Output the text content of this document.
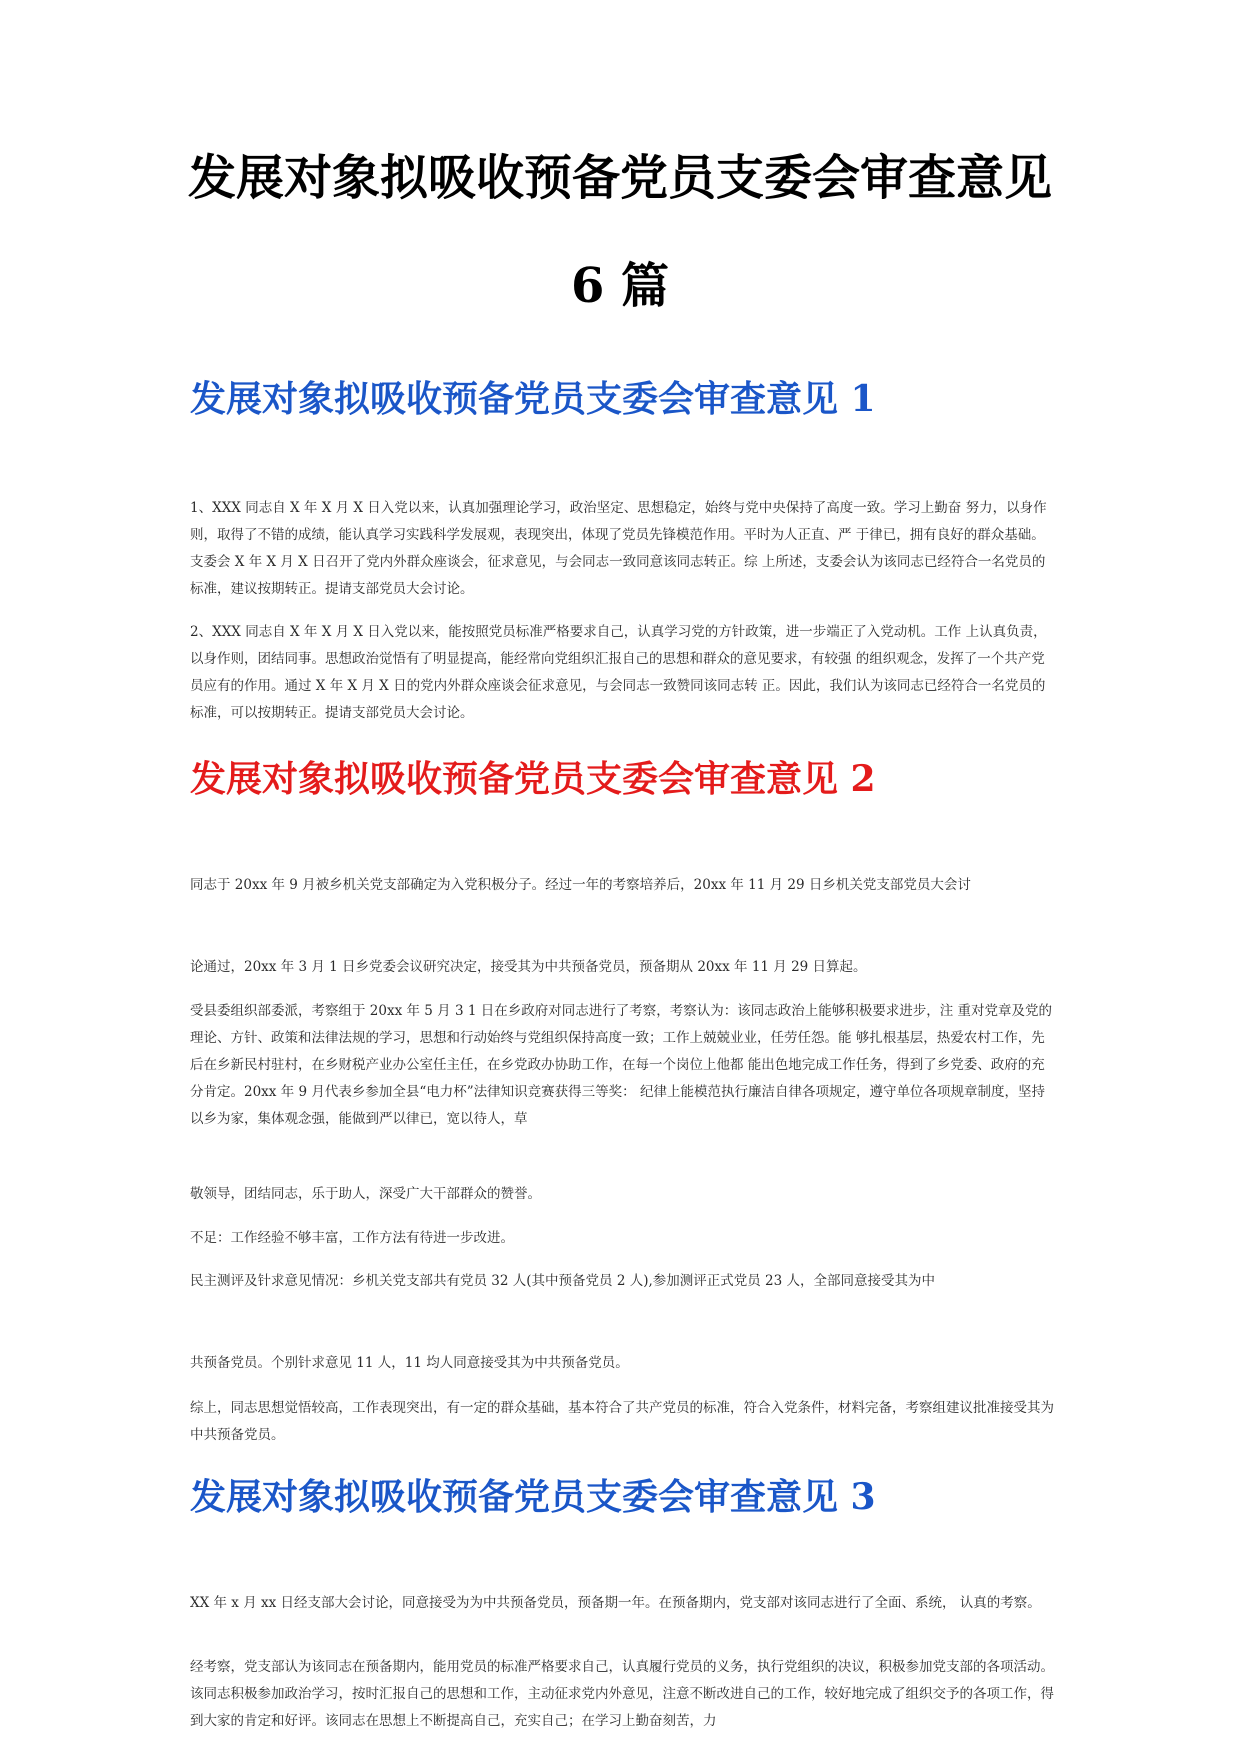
发展对象拟吸收预备党员支委会审查意见
6 篇
发展对象拟吸收预备党员支委会审查意见 1

1、XXX 同志自 X 年 X 月 X 日入党以来，认真加强理论学习，政治坚定、思想稳定，始终与党中央保持了高度一致。学习上勤奋 努力，以身作则，取得了不错的成绩，能认真学习实践科学发展观，表现突出，体现了党员先锋模范作用。平时为人正直、严 于律已，拥有良好的群众基础。支委会 X 年 X 月 X 日召开了党内外群众座谈会，征求意见，与会同志一致同意该同志转正。综 上所述，支委会认为该同志已经符合一名党员的标准，建议按期转正。提请支部党员大会讨论。

2、XXX 同志自 X 年 X 月 X 日入党以来，能按照党员标准严格要求自己，认真学习党的方针政策，进一步端正了入党动机。工作 上认真负责，以身作则，团结同事。思想政治觉悟有了明显提高，能经常向党组织汇报自己的思想和群众的意见要求，有较强 的组织观念，发挥了一个共产党员应有的作用。通过 X 年 X 月 X 日的党内外群众座谈会征求意见，与会同志一致赞同该同志转 正。因此，我们认为该同志已经符合一名党员的标准，可以按期转正。提请支部党员大会讨论。

发展对象拟吸收预备党员支委会审查意见 2

同志于 20xx 年 9 月被乡机关党支部确定为入党积极分子。经过一年的考察培养后，20xx 年 11 月 29 日乡机关党支部党员大会讨

论通过，20xx 年 3 月 1 日乡党委会议研究决定，接受其为中共预备党员，预备期从 20xx 年 11 月 29 日算起。

受县委组织部委派，考察组于 20xx 年 5 月 3 1 日在乡政府对同志进行了考察，考察认为：该同志政治上能够积极要求进步，注 重对党章及党的理论、方针、政策和法律法规的学习，思想和行动始终与党组织保持高度一致；工作上兢兢业业，任劳任怨。能 够扎根基层，热爱农村工作，先后在乡新民村驻村，在乡财税产业办公室任主任，在乡党政办协助工作，在每一个岗位上他都 能出色地完成工作任务，得到了乡党委、政府的充分肯定。20xx 年 9 月代表乡参加全县“电力杯”法律知识竞赛获得三等奖： 纪律上能模范执行廉洁自律各项规定，遵守单位各项规章制度，坚持以乡为家，集体观念强，能做到严以律已，宽以待人，草

敬领导，团结同志，乐于助人，深受广大干部群众的赞誉。

不足：工作经验不够丰富，工作方法有待进一步改进。

民主测评及针求意见情况：乡机关党支部共有党员 32 人(其中预备党员 2 人),参加测评正式党员 23 人，全部同意接受其为中

共预备党员。个别针求意见 11 人，11 均人同意接受其为中共预备党员。

综上，同志思想觉悟较高，工作表现突出，有一定的群众基础，基本符合了共产党员的标准，符合入党条件，材料完备，考察组建议批准接受其为中共预备党员。

发展对象拟吸收预备党员支委会审查意见 3

XX 年 x 月 xx 日经支部大会讨论，同意接受为为中共预备党员，预备期一年。在预备期内，党支部对该同志进行了全面、系统， 认真的考察。

经考察，党支部认为该同志在预备期内，能用党员的标准严格要求自己，认真履行党员的义务，执行党组织的决议，积极参加党支部的各项活动。该同志积极参加政治学习，按时汇报自己的思想和工作，主动征求党内外意见，注意不断改进自己的工作，较好地完成了组织交予的各项工作，得到大家的肯定和好评。该同志在思想上不断提高自己，充实自己；在学习上勤奋刻苦，力
